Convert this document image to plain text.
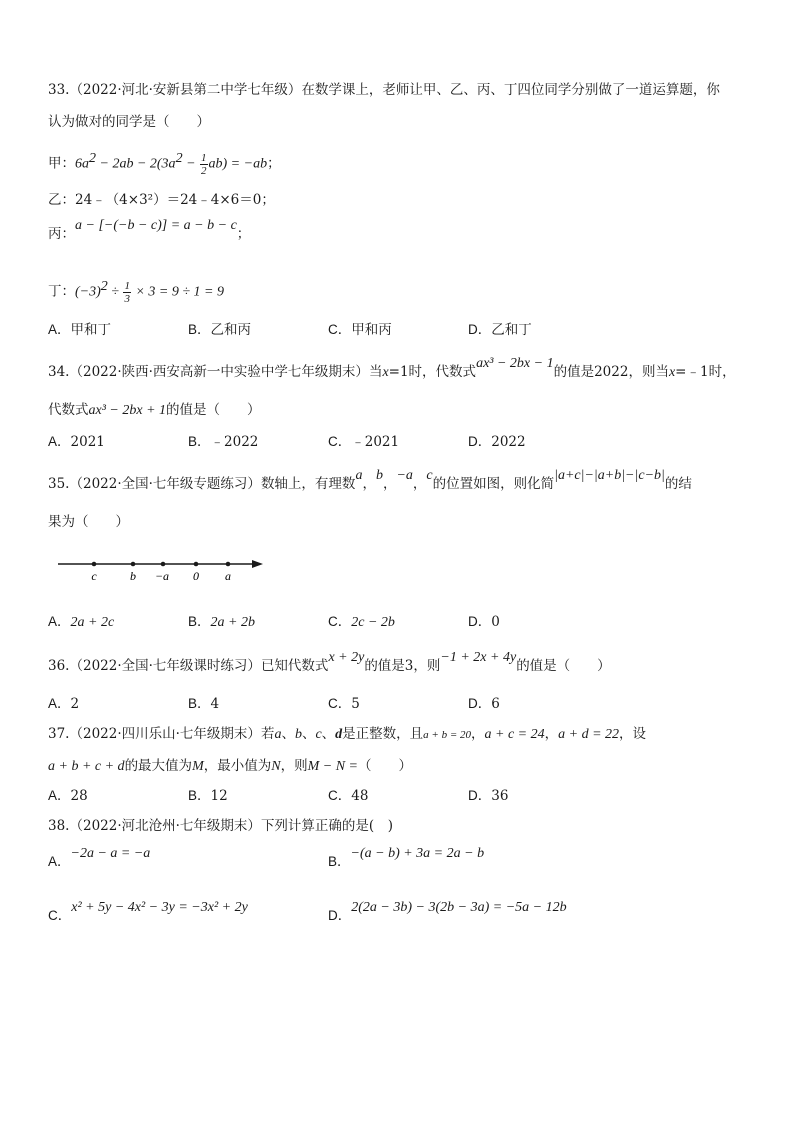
33.（2022·河北·安新县第二中学七年级）在数学课上，老师让甲、乙、丙、丁四位同学分别做了一道运算题，你
认为做对的同学是（　　）
甲：$6a^2 - 2ab - 2(3a^2 - \frac{1}{2} ab) = -ab$；
乙：24﹣（4×3²）＝24﹣4×6＝0；
丙：a − [−(−b − c)] = a − b − c；
丁：$(-3)^2 \div \frac{1}{3} \times 3 = 9 \div 1 = 9$
A．甲和丁	B．乙和丙	C．甲和丙	D．乙和丁
34.（2022·陕西·西安高新一中实验中学七年级期末）当x=1时，代数式ax³ − 2bx − 1的值是2022，则当x=﹣1时，
代数式ax³ − 2bx + 1的值是（　　）
A．2021	B．﹣2022	C．﹣2021	D．2022
35.（2022·全国·七年级专题练习）数轴上，有理数a，b，−a，c的位置如图，则化简|a+c|−|a+b|−|c−b|的结
果为（　　）
c	b −a 0 a
A．2a + 2c	B．2a + 2b	C．2c − 2b	D．0
36.（2022·全国·七年级课时练习）已知代数式x + 2y的值是3，则−1 + 2x + 4y的值是（　　）
A．2	B．4	C．5	D．6
37.（2022·四川乐山·七年级期末）若a、b、c、d是正整数，且a + b = 20，a + c = 24，a + d = 22，设
a + b + c + d的最大值为M，最小值为N，则M − N =（　　）
A．28	B．12	C．48	D．36
38.（2022·河北沧州·七年级期末）下列计算正确的是(　)
A．−2a − a = −a
B．−(a − b) + 3a = 2a − b
C．x² + 5y − 4x² − 3y = −3x² + 2y
D．2(2a − 3b) − 3(2b − 3a) = −5a − 12b
